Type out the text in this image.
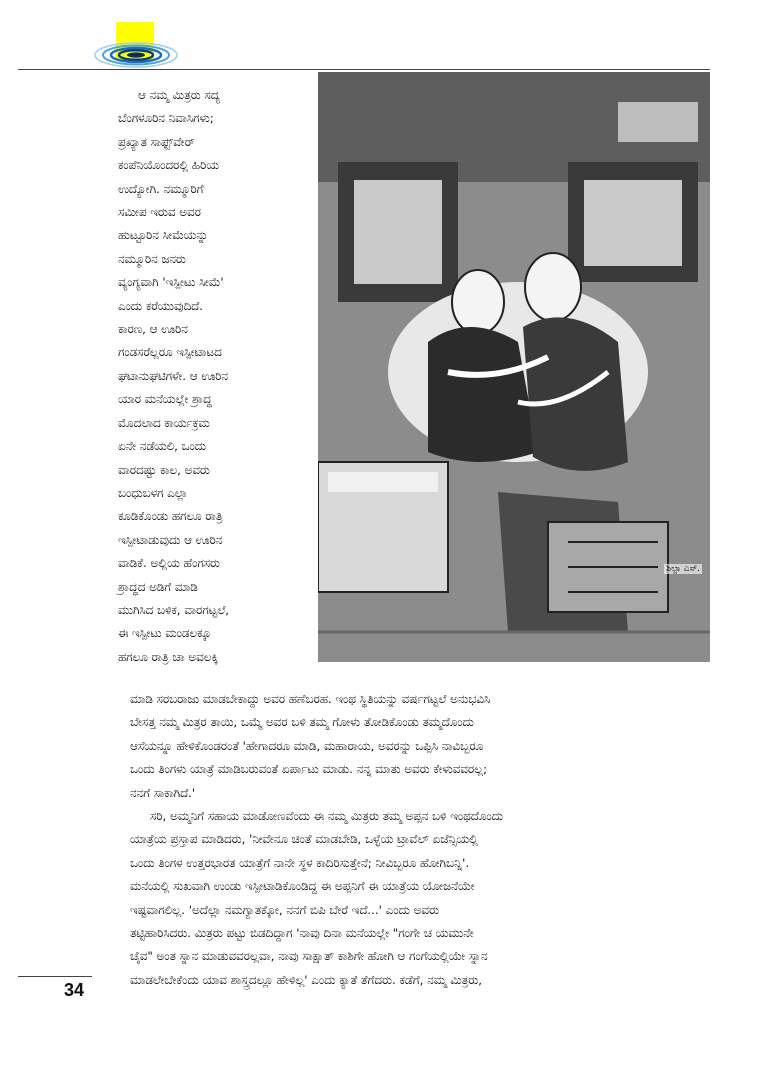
ಶಿಲ್ಪಾ ಎಸ್.
ಆ ನಮ್ಮ ಮಿತ್ರರು ಸದ್ಯ
ಬೆಂಗಳೂರಿನ ನಿವಾಸಿಗಳು;
ಪ್ರಖ್ಯಾತ ಸಾಫ್ಟ್‌ವೇರ್
ಕಂಪೆನಿಯೊಂದರಲ್ಲಿ ಹಿರಿಯ
ಉದ್ಯೋಗಿ. ನಮ್ಮೂರಿಗೆ
ಸಮೀಪ ಇರುವ ಅವರ
ಹುಟ್ಟೂರಿನ ಸೀಮೆಯನ್ನು
ನಮ್ಮೂರಿನ ಜನರು
ವ್ಯಂಗ್ಯವಾಗಿ 'ಇಸ್ಪೀಟು ಸೀಮೆ'
ಎಂದು ಕರೆಯುವುದಿದೆ.
ಕಾರಣ, ಆ ಊರಿನ
ಗಂಡಸರೆಲ್ಲರೂ ಇಸ್ಪೀಟಾಟದ
ಘಟಾನುಘಟಿಗಳೇ. ಆ ಊರಿನ
ಯಾರ ಮನೆಯಲ್ಲೇ ಶ್ರಾದ್ಧ
ಮೊದಲಾದ ಕಾರ್ಯಕ್ರಮ
ಏನೇ ನಡೆಯಲಿ, ಒಂದು
ವಾರದಷ್ಟು ಕಾಲ, ಅವರು
ಬಂಧುಬಳಗ ಎಲ್ಲಾ
ಕೂಡಿಕೊಂಡು ಹಗಲೂ ರಾತ್ರಿ
ಇಸ್ಪೀಟಾಡುವುದು ಆ ಊರಿನ
ವಾಡಿಕೆ. ಅಲ್ಲಿಯ ಹೆಂಗಸರು
ಶ್ರಾದ್ಧದ ಅಡಿಗೆ ಮಾಡಿ
ಮುಗಿಸಿದ ಬಳಿಕ, ವಾರಗಟ್ಟಲೆ,
ಈ ಇಸ್ಪೀಟು ಮಂಡಲಕ್ಕೂ
ಹಗಲೂ ರಾತ್ರಿ ಚಾ ಅವಲಕ್ಕಿ

ಮಾಡಿ ಸರಬರಾಜು ಮಾಡಬೇಕಾದ್ದು ಅವರ ಹಣೆಬರಹ. ಇಂಥ ಸ್ಥಿತಿಯನ್ನು ವರ್ಷಗಟ್ಟಲೆ ಅನುಭವಿಸಿ
ಬೇಸತ್ತ ನಮ್ಮ ಮಿತ್ರರ ತಾಯಿ, ಒಮ್ಮೆ ಅವರ ಬಳಿ ತಮ್ಮ ಗೋಳು ತೋಡಿಕೊಂಡು ತಮ್ಮದೊಂದು
ಆಸೆಯನ್ನೂ ಹೇಳಿಕೊಂಡರಂತೆ 'ಹೇಗಾದರೂ ಮಾಡಿ, ಮಹಾರಾಯ, ಅವರನ್ನು ಒಪ್ಪಿಸಿ ನಾವಿಬ್ಬರೂ
ಒಂದು ತಿಂಗಳು ಯಾತ್ರೆ ಮಾಡಿಬರುವಂತೆ ಏರ್ಪಾಟು ಮಾಡು. ನನ್ನ ಮಾತು ಅವರು ಕೇಳುವವರಲ್ಲ;
ನನಗೆ ಸಾಕಾಗಿದೆ.'

ಸರಿ, ಅಮ್ಮನಿಗೆ ಸಹಾಯ ಮಾಡೋಣವೆಂದು ಈ ನಮ್ಮ ಮಿತ್ರರು ತಮ್ಮ ಅಪ್ಪನ ಬಳಿ ಇಂಥದೊಂದು
ಯಾತ್ರೆಯ ಪ್ರಸ್ತಾಪ ಮಾಡಿದರು, 'ನೀವೇನೂ ಚಿಂತೆ ಮಾಡಬೇಡಿ, ಒಳ್ಳೆಯ ಟ್ರಾವೆಲ್ ಏಜೆನ್ಸಿಯಲ್ಲಿ
ಒಂದು ತಿಂಗಳ ಉತ್ತರಭಾರತ ಯಾತ್ರೆಗೆ ನಾನೇ ಸ್ಥಳ ಕಾದಿರಿಸುತ್ತೇನೆ; ನೀವಿಬ್ಬರೂ ಹೋಗಿಬನ್ನಿ'.
ಮನೆಯಲ್ಲಿ ಸುಖವಾಗಿ ಉಂಡು ಇಸ್ಪೀಟಾಡಿಕೊಂಡಿದ್ದ ಈ ಅಪ್ಪನಿಗೆ ಈ ಯಾತ್ರೆಯ ಯೋಜನೆಯೇ
ಇಷ್ಟವಾಗಲಿಲ್ಲ. 'ಅದೆಲ್ಲಾ ನಮಗ್ಯಾತಕ್ಕೋ, ನನಗೆ ಬಿಪಿ ಬೇರೆ ಇದೆ...' ಎಂದು ಅವರು
ತಟ್ಟಿಹಾರಿಸಿದರು. ಮಿತ್ರರು ಪಟ್ಟು ಬಿಡದಿದ್ದಾಗ 'ನಾವು ದಿನಾ ಮನೆಯಲ್ಲೇ "ಗಂಗೇ ಚ ಯಮುನೇ
ಚೈವ" ಅಂತ ಸ್ನಾನ ಮಾಡುವವರಲ್ಲವಾ, ನಾವು ಸಾಕ್ಷಾತ್ ಕಾಶಿಗೇ ಹೋಗಿ ಆ ಗಂಗೆಯಲ್ಲಿಯೇ ಸ್ನಾನ
ಮಾಡಲೇಬೇಕೆಂದು ಯಾವ ಶಾಸ್ತ್ರದಲ್ಲೂ ಹೇಳಿಲ್ಲ' ಎಂದು ಕ್ಯಾತೆ ತೆಗೆದರು. ಕಡೆಗೆ, ನಮ್ಮ ಮಿತ್ರರು,

34
